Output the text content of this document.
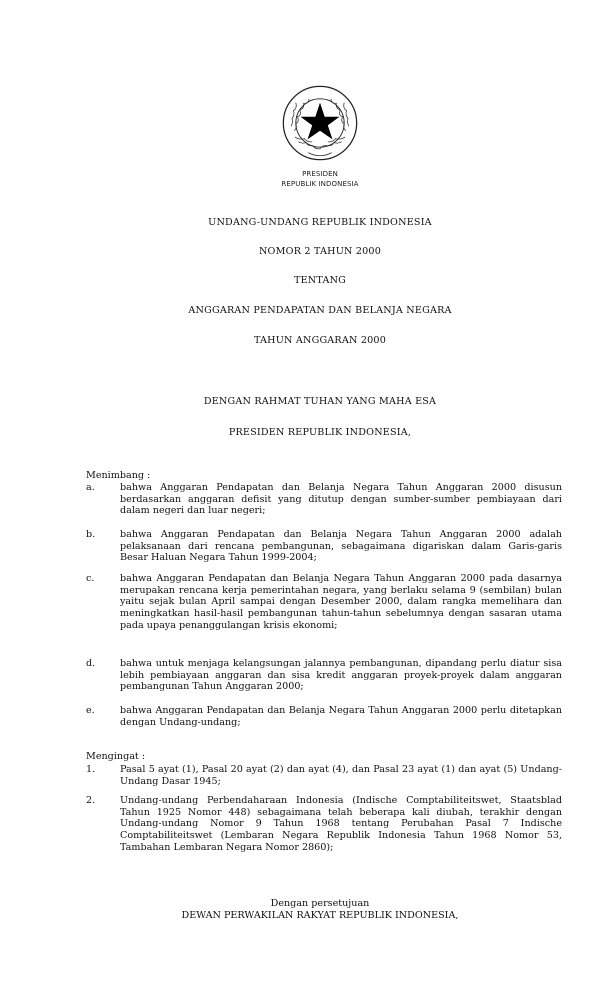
PRESIDEN
REPUBLIK INDONESIA
UNDANG-UNDANG REPUBLIK INDONESIA
NOMOR 2 TAHUN 2000
TENTANG
ANGGARAN PENDAPATAN DAN BELANJA NEGARA
TAHUN ANGGARAN 2000
DENGAN RAHMAT TUHAN YANG MAHA ESA
PRESIDEN REPUBLIK INDONESIA,
Menimbang :
a.	bahwa Anggaran Pendapatan dan Belanja Negara Tahun Anggaran 2000 disusun berdasarkan anggaran defisit yang ditutup dengan sumber-sumber pembiayaan dari dalam negeri dan luar negeri;
b.	bahwa Anggaran Pendapatan dan Belanja Negara Tahun Anggaran 2000 adalah pelaksanaan dari rencana pembangunan, sebagaimana digariskan dalam Garis-garis Besar Haluan Negara Tahun 1999-2004;
c.	bahwa Anggaran Pendapatan dan Belanja Negara Tahun Anggaran 2000 pada dasarnya merupakan rencana kerja pemerintahan negara, yang berlaku selama 9 (sembilan) bulan yaitu sejak bulan April sampai dengan Desember 2000, dalam rangka memelihara dan meningkatkan hasil-hasil pembangunan tahun-tahun sebelumnya dengan sasaran utama pada upaya penanggulangan krisis ekonomi;
d.	bahwa untuk menjaga kelangsungan jalannya pembangunan, dipandang perlu diatur sisa lebih pembiayaan anggaran dan sisa kredit anggaran proyek-proyek dalam anggaran pembangunan Tahun Anggaran 2000;
e.	bahwa Anggaran Pendapatan dan Belanja Negara Tahun Anggaran 2000 perlu ditetapkan dengan Undang-undang;
Mengingat :
1.	Pasal 5 ayat (1), Pasal 20 ayat (2) dan ayat (4), dan Pasal 23 ayat (1) dan ayat (5) Undang-Undang Dasar 1945;
2.	Undang-undang Perbendaharaan Indonesia (Indische Comptabiliteitswet, Staatsblad Tahun 1925 Nomor 448) sebagaimana telah beberapa kali diubah, terakhir dengan Undang-undang Nomor 9 Tahun 1968 tentang Perubahan Pasal 7 Indische Comptabiliteitswet (Lembaran Negara Republik Indonesia Tahun 1968 Nomor 53, Tambahan Lembaran Negara Nomor 2860);
Dengan persetujuan
DEWAN PERWAKILAN RAKYAT REPUBLIK INDONESIA,
